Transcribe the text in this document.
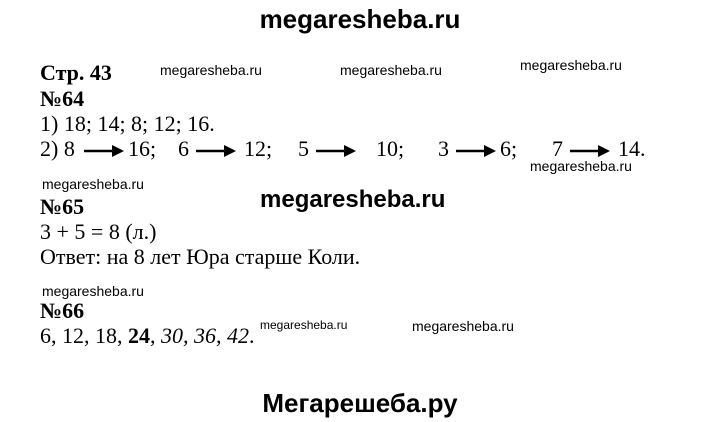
megaresheba.ru
megaresheba.ru	megaresheba.ru	megaresheba.ru
megaresheba.ru
megaresheba.ru
megaresheba.ru
megaresheba.ru
megaresheba.ru	megaresheba.ru
Мегарешеба.ру
Стр. 43
№64
1) 18; 14; 8; 12; 16.
2) 8 16; 6	12; 5	10; 3 6; 7	14.
№65
3 + 5 = 8 (л.)
Ответ: на 8 лет Юра старше Коли.
№66
6, 12, 18, 24, 30, 36, 42.
